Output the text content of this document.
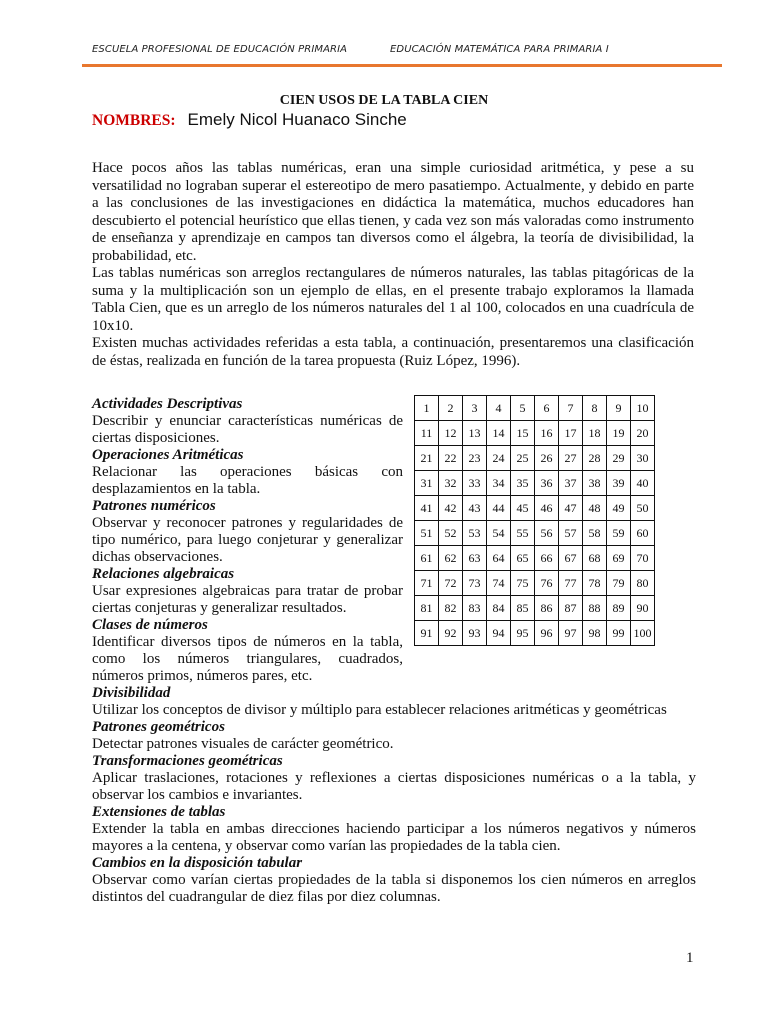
ESCUELA PROFESIONAL DE EDUCACIÓN PRIMARIA	EDUCACIÓN MATEMÁTICA PARA PRIMARIA I
CIEN USOS DE LA TABLA CIEN
NOMBRES: Emely Nicol Huanaco Sinche

Hace pocos años las tablas numéricas, eran una simple curiosidad aritmética, y pese a su versatilidad no lograban superar el estereotipo de mero pasatiempo. Actualmente, y debido en parte a las conclusiones de las investigaciones en didáctica la matemática, muchos educadores han descubierto el potencial heurístico que ellas tienen, y cada vez son más valoradas como instrumento de enseñanza y aprendizaje en campos tan diversos como el álgebra, la teoría de divisibilidad, la probabilidad, etc.

Las tablas numéricas son arreglos rectangulares de números naturales, las tablas pitagóricas de la suma y la multiplicación son un ejemplo de ellas, en el presente trabajo exploramos la llamada Tabla Cien, que es un arreglo de los números naturales del 1 al 100, colocados en una cuadrícula de 10x10.

Existen muchas actividades referidas a esta tabla, a continuación, presentaremos una clasificación de éstas, realizada en función de la tarea propuesta (Ruiz López, 1996).

Actividades Descriptivas
Describir y enunciar características numéricas de ciertas disposiciones.
Operaciones Aritméticas
Relacionar las operaciones básicas con desplazamientos en la tabla.
Patrones numéricos
Observar y reconocer patrones y regularidades de tipo numérico, para luego conjeturar y generalizar dichas observaciones.
Relaciones algebraicas
Usar expresiones algebraicas para tratar de probar ciertas conjeturas y generalizar resultados.
Clases de números
Identificar diversos tipos de números en la tabla, como los números triangulares, cuadrados, números primos, números pares, etc.
Divisibilidad
Utilizar los conceptos de divisor y múltiplo para establecer relaciones aritméticas y geométricas
Patrones geométricos
Detectar patrones visuales de carácter geométrico.
Transformaciones geométricas
Aplicar traslaciones, rotaciones y reflexiones a ciertas disposiciones numéricas o a la tabla, y observar los cambios e invariantes.
Extensiones de tablas
Extender la tabla en ambas direcciones haciendo participar a los números negativos y números mayores a la centena, y observar como varían las propiedades de la tabla cien.
Cambios en la disposición tabular
Observar como varían ciertas propiedades de la tabla si disponemos los cien números en arreglos distintos del cuadrangular de diez filas por diez columnas.
1	2	3	4	5	6	7	8	9	10
11	12	13	14	15	16	17	18	19	20
21	22	23	24	25	26	27	28	29	30
31	32	33	34	35	36	37	38	39	40
41	42	43	44	45	46	47	48	49	50
51	52	53	54	55	56	57	58	59	60
61	62	63	64	65	66	67	68	69	70
71	72	73	74	75	76	77	78	79	80
81	82	83	84	85	86	87	88	89	90
91	92	93	94	95	96	97	98	99	100
1
